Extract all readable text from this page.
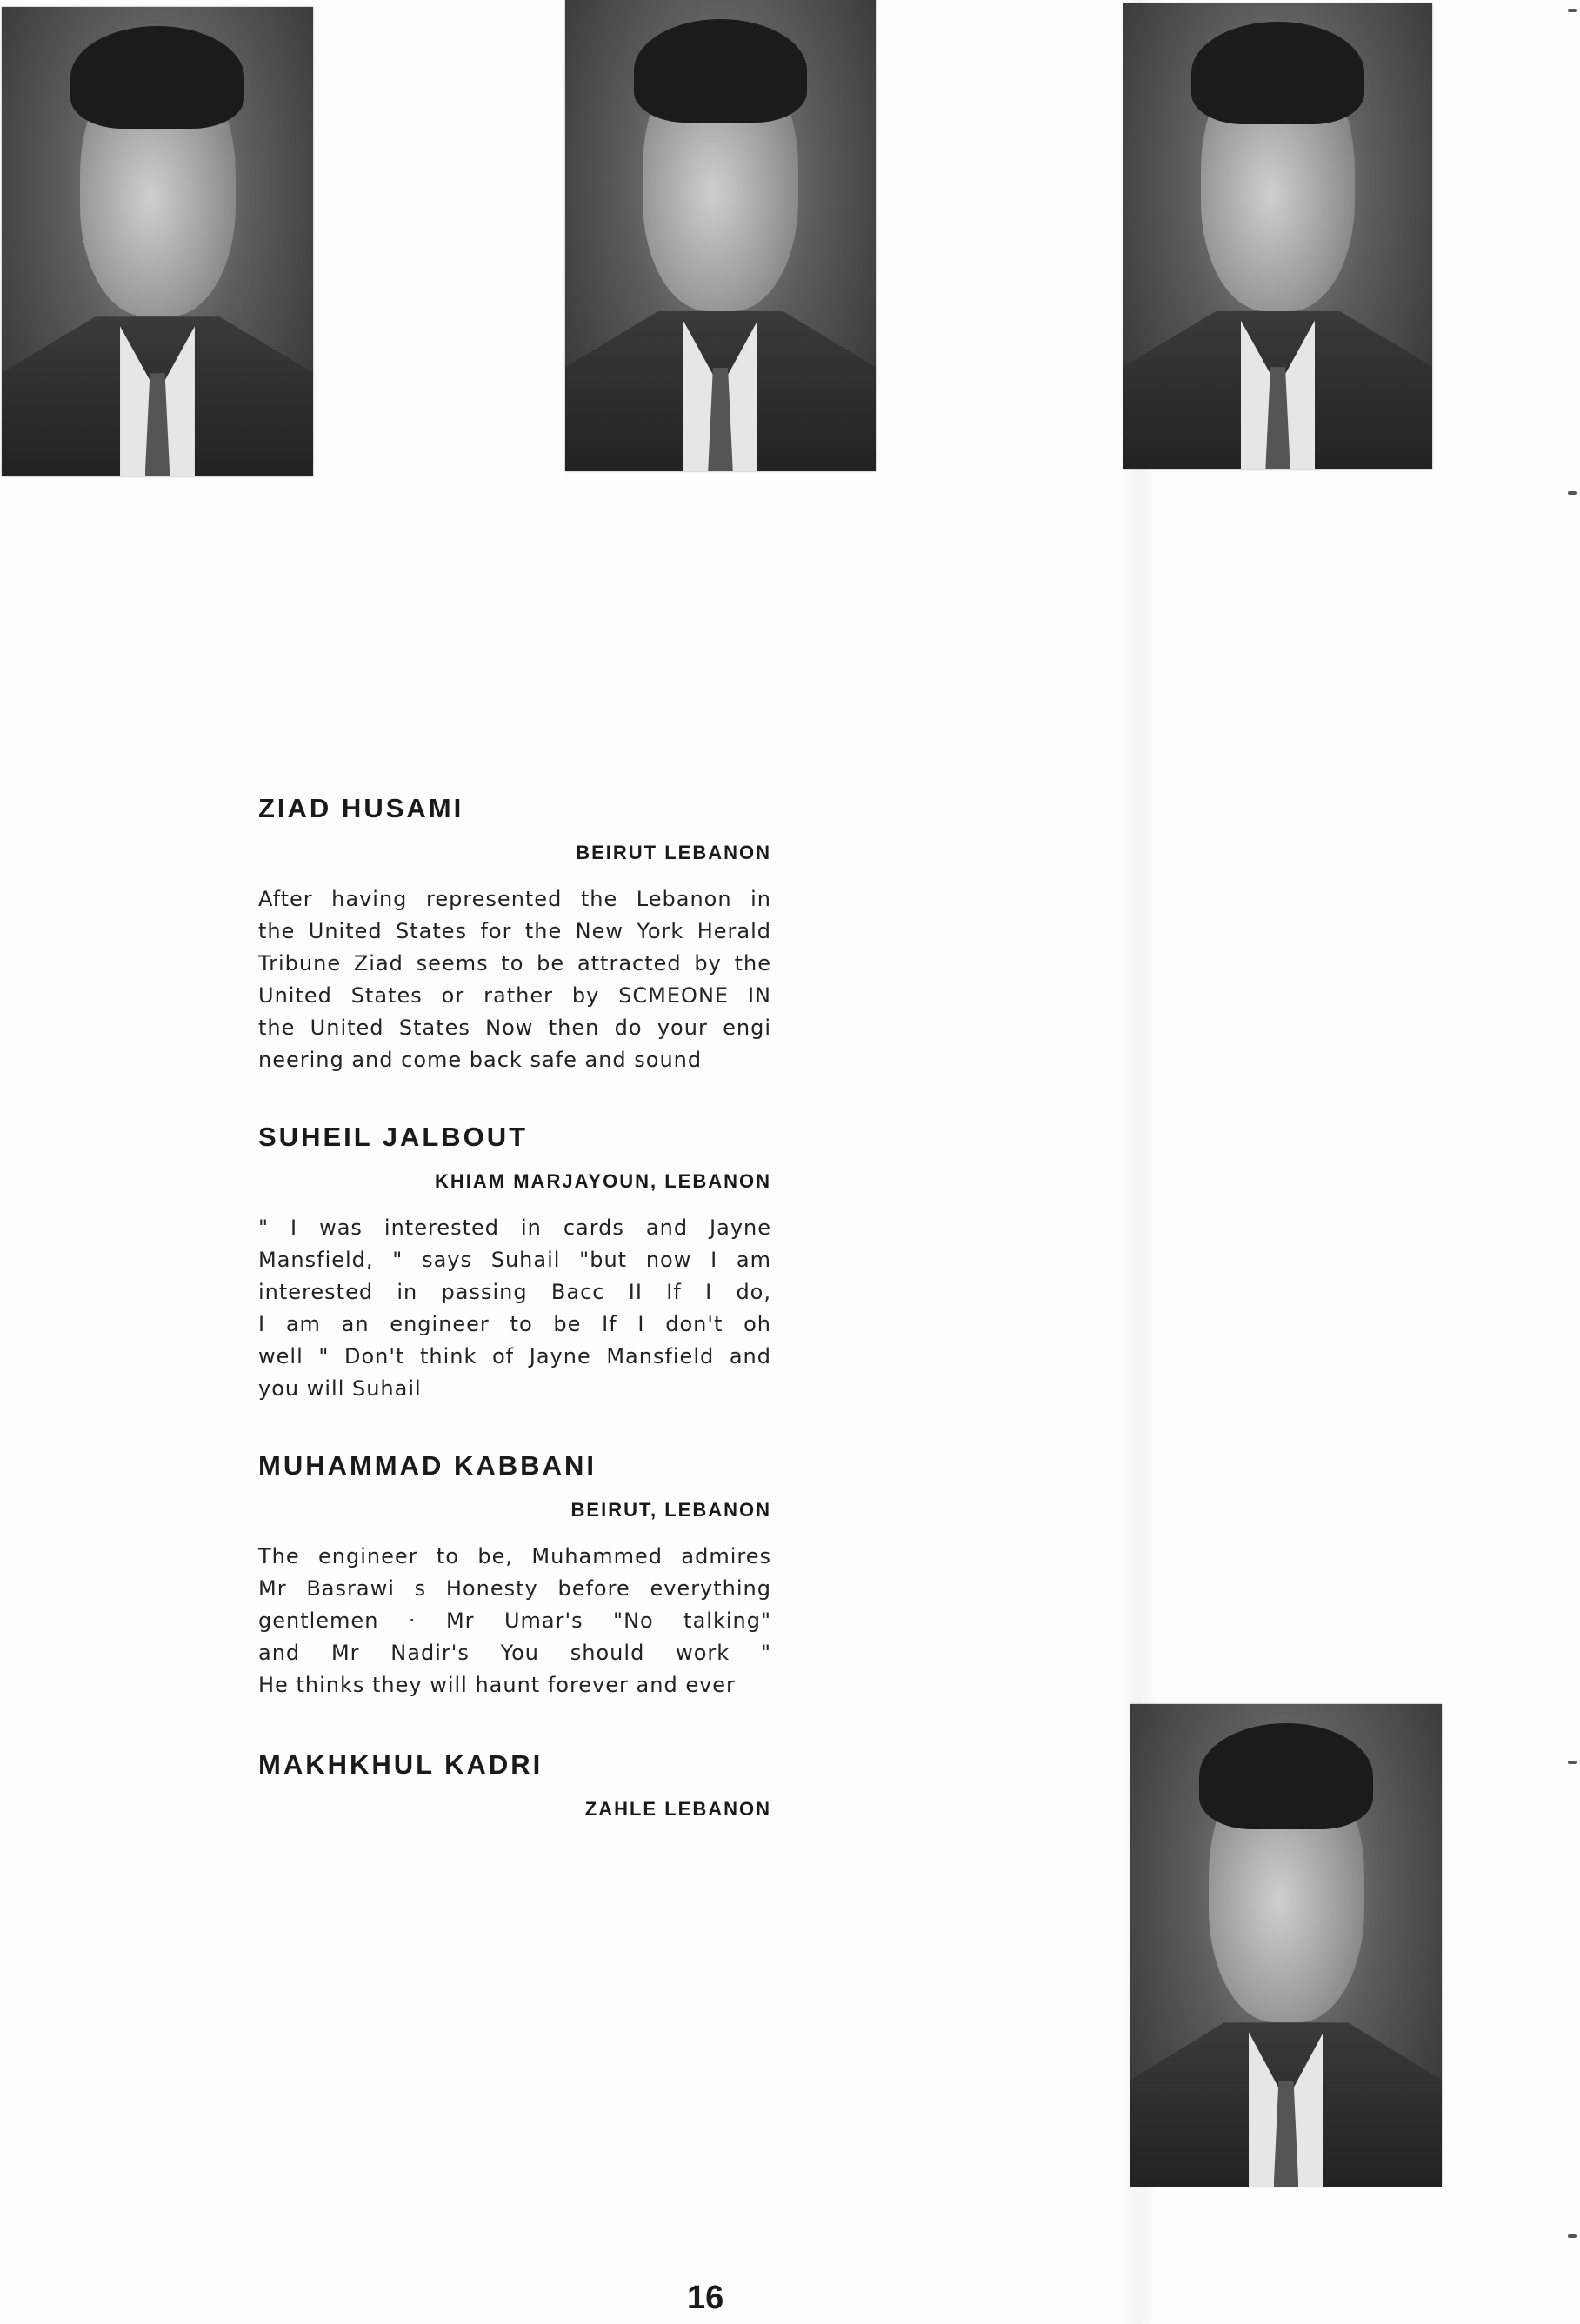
ZIAD HUSAMI

BEIRUT LEBANON

After having represented the Lebanon in
the United States for the New York Herald
Tribune Ziad seems to be attracted by the
United States or rather by SCMEONE IN
the United States Now then do your engi
neering and come back safe and sound

SUHEIL JALBOUT

KHIAM MARJAYOUN, LEBANON

" I was interested in cards and Jayne
Mansfield, " says Suhail "but now I am
interested in passing Bacc II If I do,
I am an engineer to be If I don't oh
well " Don't think of Jayne Mansfield and
you will Suhail

MUHAMMAD KABBANI

BEIRUT, LEBANON

The engineer to be, Muhammed admires
Mr Basrawi s Honesty before everything
gentlemen · Mr Umar's "No talking"
and Mr Nadir's You should work "
He thinks they will haunt forever and ever

MAKHKHUL KADRI

ZAHLE LEBANON

16
